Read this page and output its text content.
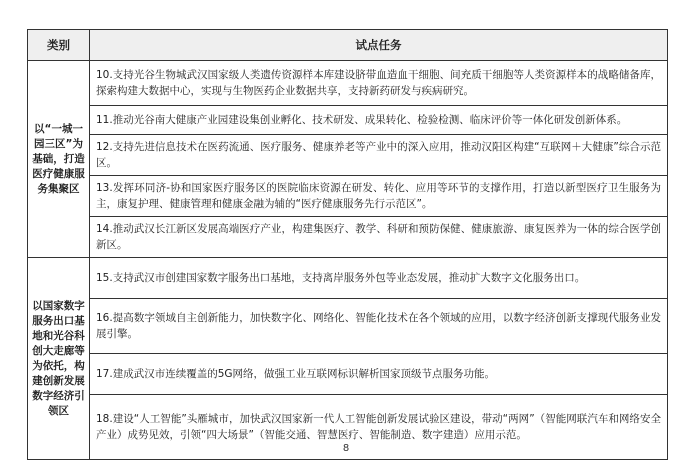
类别	试点任务
以“一城一园三区”为基础，打造医疗健康服务集聚区	10.支持光谷生物城武汉国家级人类遗传资源样本库建设脐带血造血干细胞、间充质干细胞等人类资源样本的战略储备库，探索构建大数据中心，实现与生物医药企业数据共享，支持新药研发与疾病研究。
	11.推动光谷南大健康产业园建设集创业孵化、技术研发、成果转化、检验检测、临床评价等一体化研发创新体系。
	12.支持先进信息技术在医药流通、医疗服务、健康养老等产业中的深入应用，推动汉阳区构建“互联网＋大健康”综合示范区。
	13.发挥环同济-协和国家医疗服务区的医院临床资源在研发、转化、应用等环节的支撑作用，打造以新型医疗卫生服务为主，康复护理、健康管理和健康金融为辅的“医疗健康服务先行示范区”。
	14.推动武汉长江新区发展高端医疗产业，构建集医疗、教学、科研和预防保健、健康旅游、康复医养为一体的综合医学创新区。
以国家数字服务出口基地和光谷科创大走廊等为依托，构建创新发展数字经济引领区	15.支持武汉市创建国家数字服务出口基地，支持离岸服务外包等业态发展，推动扩大数字文化服务出口。
	16.提高数字领域自主创新能力，加快数字化、网络化、智能化技术在各个领域的应用，以数字经济创新支撑现代服务业发展引擎。
	17.建成武汉市连续覆盖的5G网络，做强工业互联网标识解析国家顶级节点服务功能。
	18.建设“人工智能”头雁城市，加快武汉国家新一代人工智能创新发展试验区建设，带动“两网”（智能网联汽车和网络安全产业）成势见效，引领“四大场景”（智能交通、智慧医疗、智能制造、数字建造）应用示范。
8
